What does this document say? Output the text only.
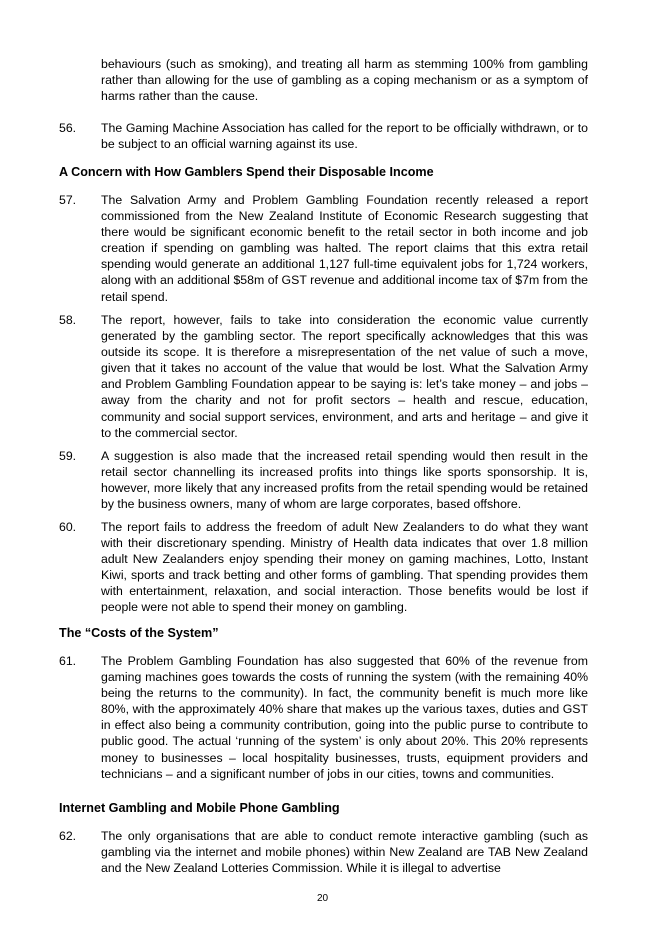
behaviours (such as smoking), and treating all harm as stemming 100% from gambling rather than allowing for the use of gambling as a coping mechanism or as a symptom of harms rather than the cause.
56.	The Gaming Machine Association has called for the report to be officially withdrawn, or to be subject to an official warning against its use.
A Concern with How Gamblers Spend their Disposable Income
57.	The Salvation Army and Problem Gambling Foundation recently released a report commissioned from the New Zealand Institute of Economic Research suggesting that there would be significant economic benefit to the retail sector in both income and job creation if spending on gambling was halted. The report claims that this extra retail spending would generate an additional 1,127 full-time equivalent jobs for 1,724 workers, along with an additional $58m of GST revenue and additional income tax of $7m from the retail spend.
58.	The report, however, fails to take into consideration the economic value currently generated by the gambling sector. The report specifically acknowledges that this was outside its scope. It is therefore a misrepresentation of the net value of such a move, given that it takes no account of the value that would be lost. What the Salvation Army and Problem Gambling Foundation appear to be saying is: let’s take money – and jobs – away from the charity and not for profit sectors – health and rescue, education, community and social support services, environment, and arts and heritage – and give it to the commercial sector.
59.	A suggestion is also made that the increased retail spending would then result in the retail sector channelling its increased profits into things like sports sponsorship. It is, however, more likely that any increased profits from the retail spending would be retained by the business owners, many of whom are large corporates, based offshore.
60.	The report fails to address the freedom of adult New Zealanders to do what they want with their discretionary spending. Ministry of Health data indicates that over 1.8 million adult New Zealanders enjoy spending their money on gaming machines, Lotto, Instant Kiwi, sports and track betting and other forms of gambling. That spending provides them with entertainment, relaxation, and social interaction. Those benefits would be lost if people were not able to spend their money on gambling.
The “Costs of the System”
61.	The Problem Gambling Foundation has also suggested that 60% of the revenue from gaming machines goes towards the costs of running the system (with the remaining 40% being the returns to the community). In fact, the community benefit is much more like 80%, with the approximately 40% share that makes up the various taxes, duties and GST in effect also being a community contribution, going into the public purse to contribute to public good. The actual ‘running of the system’ is only about 20%. This 20% represents money to businesses – local hospitality businesses, trusts, equipment providers and technicians – and a significant number of jobs in our cities, towns and communities.
Internet Gambling and Mobile Phone Gambling
62.	The only organisations that are able to conduct remote interactive gambling (such as gambling via the internet and mobile phones) within New Zealand are TAB New Zealand and the New Zealand Lotteries Commission. While it is illegal to advertise
20
